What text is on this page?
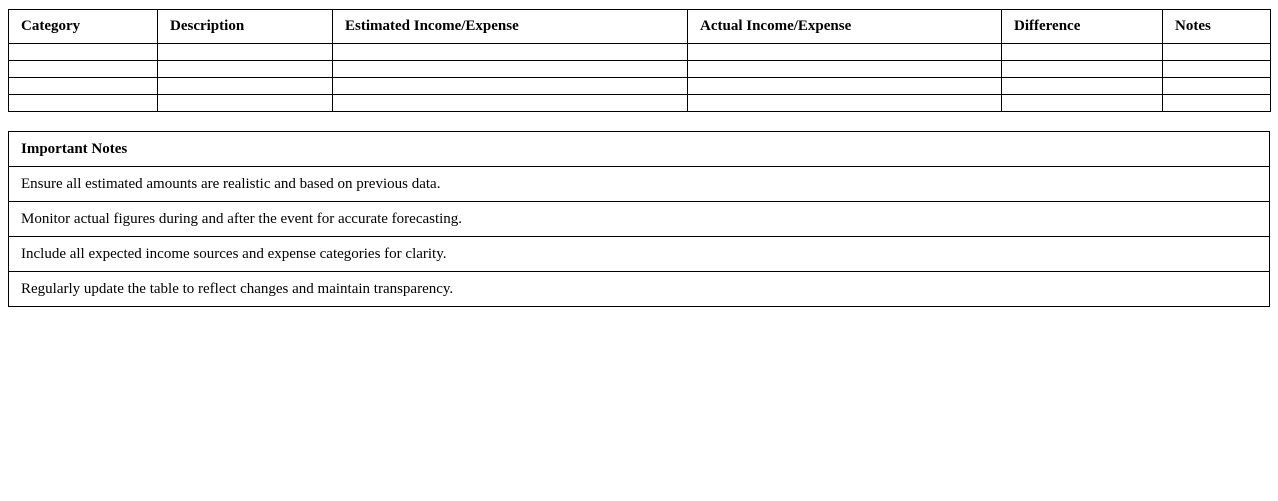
Category	Description	Estimated Income/Expense	Actual Income/Expense	Difference	Notes

Important Notes
Ensure all estimated amounts are realistic and based on previous data.
Monitor actual figures during and after the event for accurate forecasting.
Include all expected income sources and expense categories for clarity.
Regularly update the table to reflect changes and maintain transparency.
